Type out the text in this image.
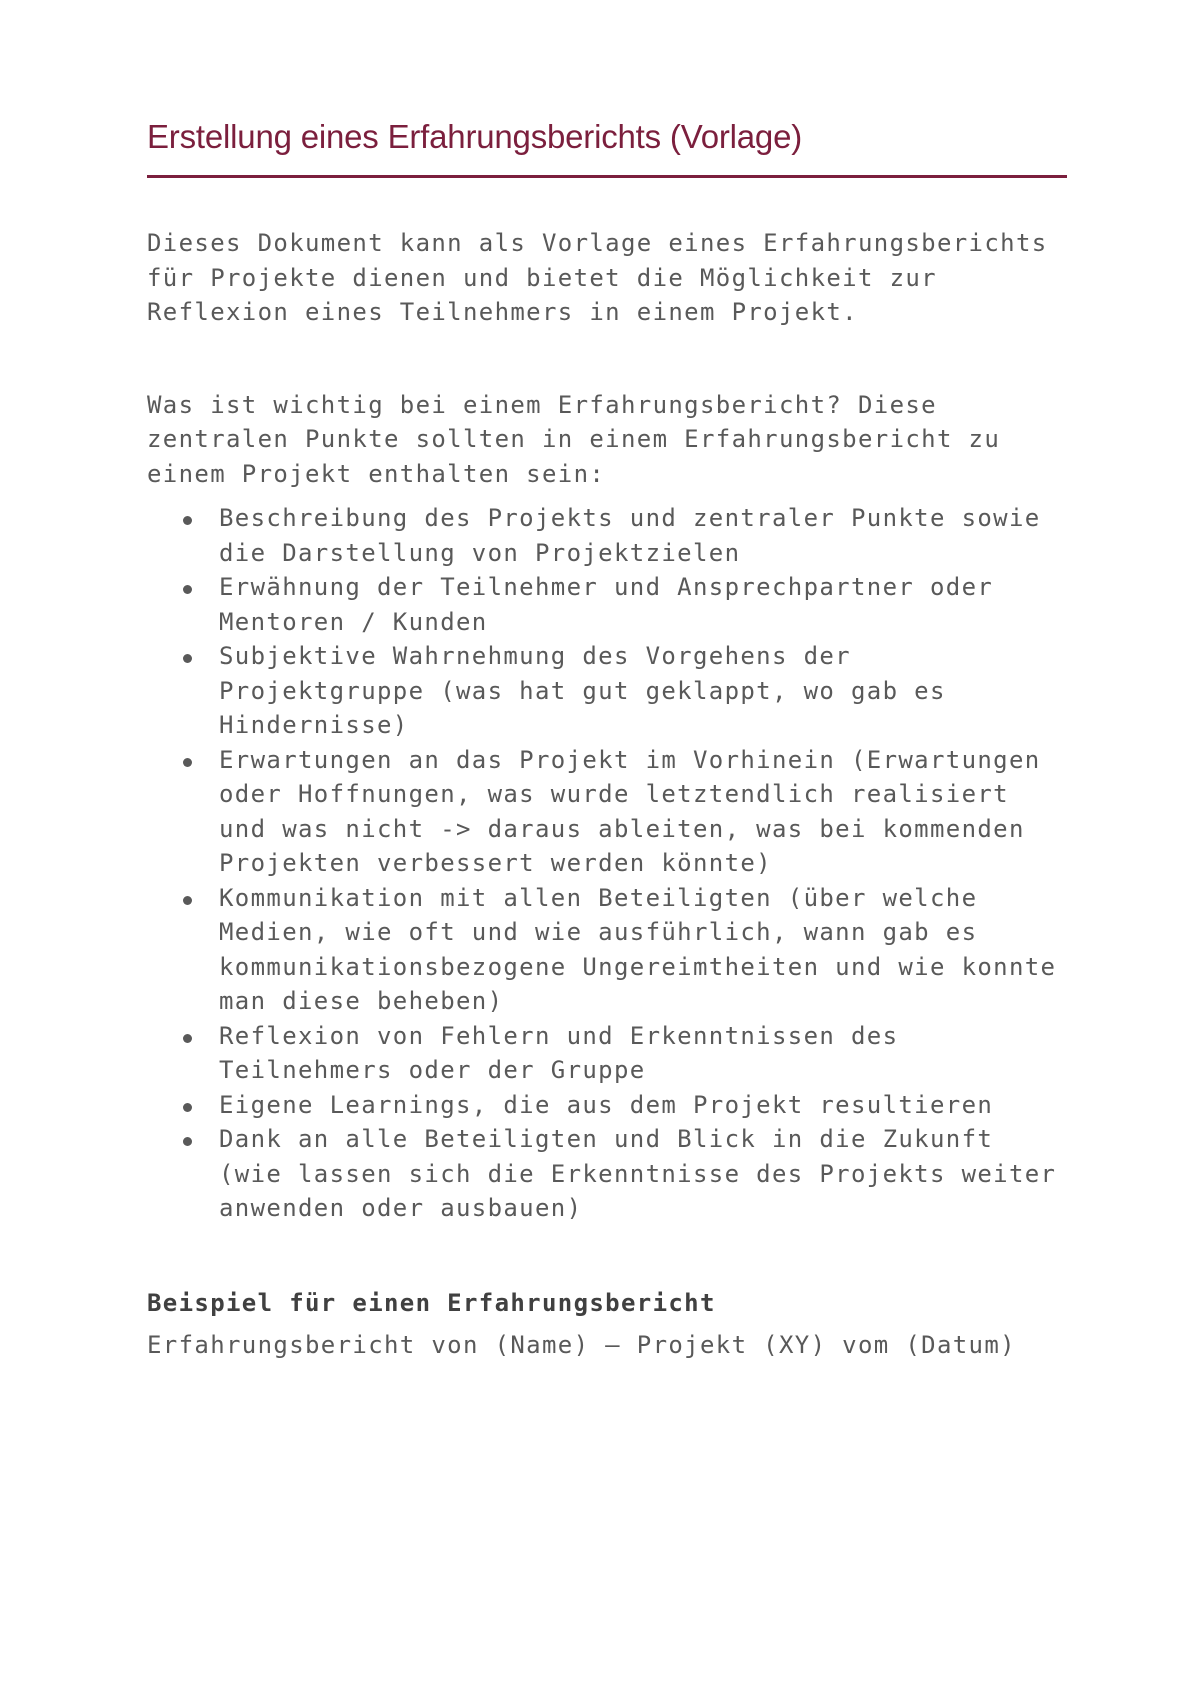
Erstellung eines Erfahrungsberichts (Vorlage)

Dieses Dokument kann als Vorlage eines Erfahrungsberichts für Projekte dienen und bietet die Möglichkeit zur Reflexion eines Teilnehmers in einem Projekt.

Was ist wichtig bei einem Erfahrungsbericht? Diese zentralen Punkte sollten in einem Erfahrungsbericht zu einem Projekt enthalten sein:

Beschreibung des Projekts und zentraler Punkte sowie die Darstellung von Projektzielen
Erwähnung der Teilnehmer und Ansprechpartner oder Mentoren / Kunden
Subjektive Wahrnehmung des Vorgehens der Projektgruppe (was hat gut geklappt, wo gab es Hindernisse)
Erwartungen an das Projekt im Vorhinein (Erwartungen oder Hoffnungen, was wurde letztendlich realisiert und was nicht -> daraus ableiten, was bei kommenden Projekten verbessert werden könnte)
Kommunikation mit allen Beteiligten (über welche Medien, wie oft und wie ausführlich, wann gab es kommunikationsbezogene Ungereimtheiten und wie konnte man diese beheben)
Reflexion von Fehlern und Erkenntnissen des Teilnehmers oder der Gruppe
Eigene Learnings, die aus dem Projekt resultieren
Dank an alle Beteiligten und Blick in die Zukunft (wie lassen sich die Erkenntnisse des Projekts weiter anwenden oder ausbauen)
Beispiel für einen Erfahrungsbericht

Erfahrungsbericht von (Name) – Projekt (XY) vom (Datum)
